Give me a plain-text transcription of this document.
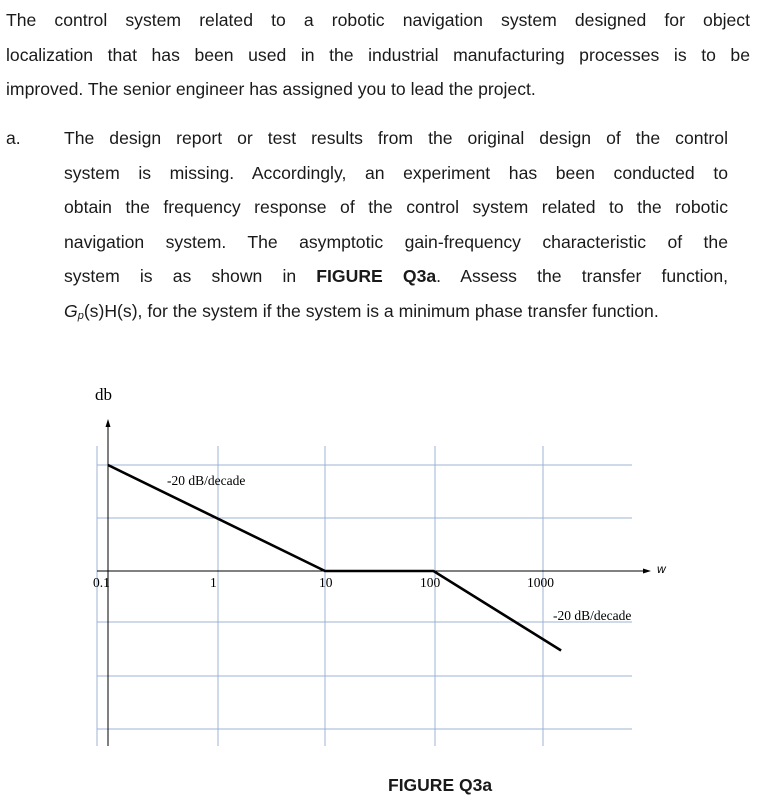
The control system related to a robotic navigation system designed for object
localization that has been used in the industrial manufacturing processes is to be
improved. The senior engineer has assigned you to lead the project.
a. The design report or test results from the original design of the control
system is missing. Accordingly, an experiment has been conducted to
obtain the frequency response of the control system related to the robotic
navigation system. The asymptotic gain-frequency characteristic of the
system is as shown in FIGURE Q3a. Assess the transfer function,
$G_p(s)H(s)$, for the system if the system is a minimum phase transfer function.
0.1	1	10	100	1000
db
w
-20 dB/decade
-20 dB/decade
FIGURE Q3a
